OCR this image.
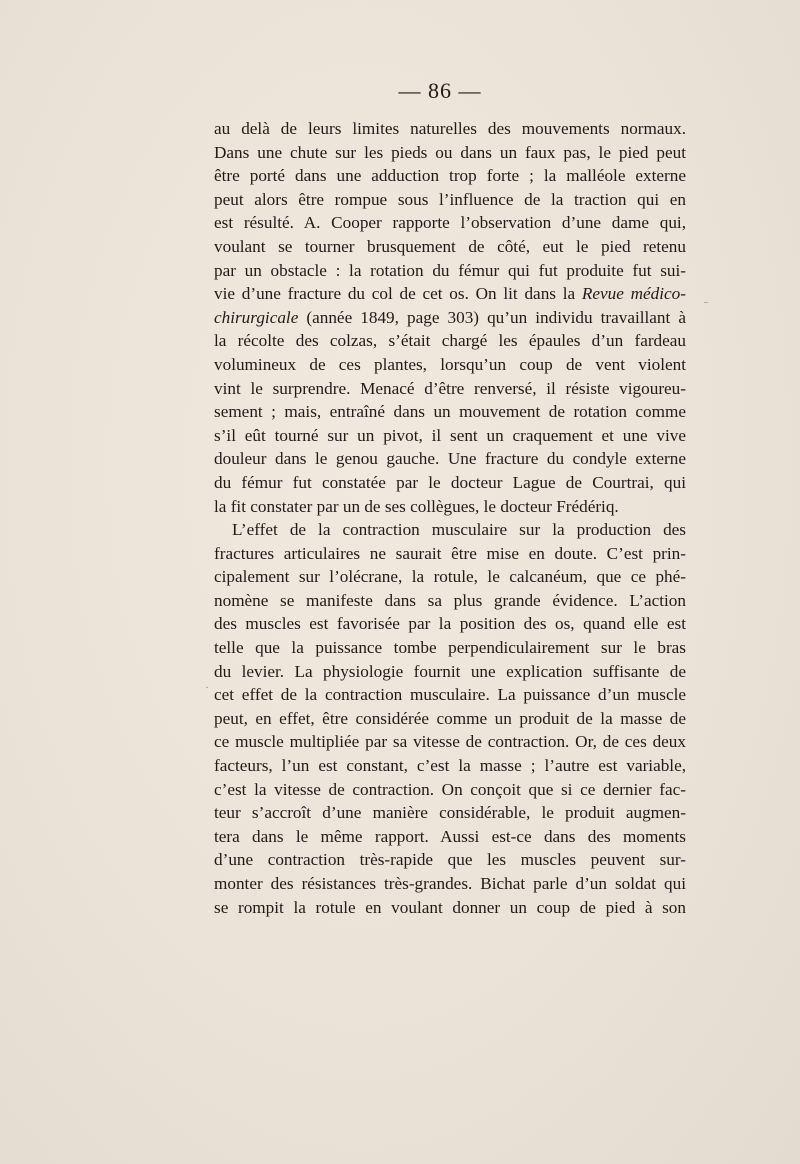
— 86 —
au delà de leurs limites naturelles des mouvements normaux.
Dans une chute sur les pieds ou dans un faux pas, le pied peut
être porté dans une adduction trop forte ; la malléole externe
peut alors être rompue sous l’influence de la traction qui en
est résulté. A. Cooper rapporte l’observation d’une dame qui,
voulant se tourner brusquement de côté, eut le pied retenu
par un obstacle : la rotation du fémur qui fut produite fut sui-
vie d’une fracture du col de cet os. On lit dans la Revue médico-
chirurgicale (année 1849, page 303) qu’un individu travaillant à
la récolte des colzas, s’était chargé les épaules d’un fardeau
volumineux de ces plantes, lorsqu’un coup de vent violent
vint le surprendre. Menacé d’être renversé, il résiste vigoureu-
sement ; mais, entraîné dans un mouvement de rotation comme
s’il eût tourné sur un pivot, il sent un craquement et une vive
douleur dans le genou gauche. Une fracture du condyle externe
du fémur fut constatée par le docteur Lague de Courtrai, qui
la fit constater par un de ses collègues, le docteur Frédériq.
L’effet de la contraction musculaire sur la production des
fractures articulaires ne saurait être mise en doute. C’est prin-
cipalement sur l’olécrane, la rotule, le calcanéum, que ce phé-
nomène se manifeste dans sa plus grande évidence. L’action
des muscles est favorisée par la position des os, quand elle est
telle que la puissance tombe perpendiculairement sur le bras
du levier. La physiologie fournit une explication suffisante de
cet effet de la contraction musculaire. La puissance d’un muscle
peut, en effet, être considérée comme un produit de la masse de
ce muscle multipliée par sa vitesse de contraction. Or, de ces deux
facteurs, l’un est constant, c’est la masse ; l’autre est variable,
c’est la vitesse de contraction. On conçoit que si ce dernier fac-
teur s’accroît d’une manière considérable, le produit augmen-
tera dans le même rapport. Aussi est-ce dans des moments
d’une contraction très-rapide que les muscles peuvent sur-
monter des résistances très-grandes. Bichat parle d’un soldat qui
se rompit la rotule en voulant donner un coup de pied à son
ˍ
·
